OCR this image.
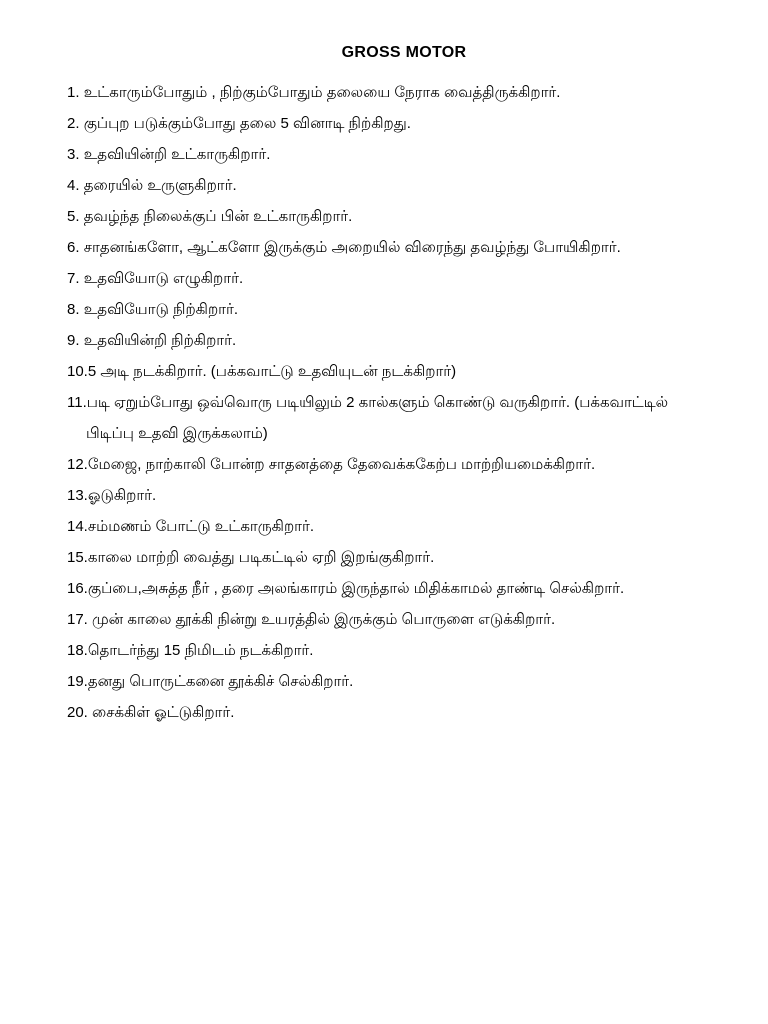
GROSS MOTOR
1. உட்காரும்போதும் , நிற்கும்போதும் தலையை நேராக வைத்திருக்கிறார்.
2. குப்புற படுக்கும்போது தலை 5 வினாடி நிற்கிறது.
3. உதவியின்றி உட்காருகிறார்.
4. தரையில் உருளுகிறார்.
5. தவழ்ந்த நிலைக்குப் பின் உட்காருகிறார்.
6. சாதனங்களோ, ஆட்களோ இருக்கும் அறையில் விரைந்து தவழ்ந்து போயிகிறார்.
7. உதவியோடு எழுகிறார்.
8. உதவியோடு நிற்கிறார்.
9. உதவியின்றி நிற்கிறார்.
10.5 அடி நடக்கிறார். (பக்கவாட்டு உதவியுடன் நடக்கிறார்)
11.படி ஏறும்போது ஒவ்வொரு படியிலும் 2 கால்களும் கொண்டு வருகிறார். (பக்கவாட்டில்
பிடிப்பு உதவி இருக்கலாம்)
12.மேஜை, நாற்காலி போன்ற சாதனத்தை தேவைக்ககேற்ப மாற்றியமைக்கிறார்.
13.ஓடுகிறார்.
14.சம்மணம் போட்டு உட்காருகிறார்.
15.காலை மாற்றி வைத்து படிகட்டில் ஏறி இறங்குகிறார்.
16.குப்பை,அசுத்த நீர் , தரை அலங்காரம் இருந்தால் மிதிக்காமல் தாண்டி செல்கிறார்.
17. முன் காலை தூக்கி நின்று உயரத்தில் இருக்கும் பொருளை எடுக்கிறார்.
18.தொடர்ந்து 15 நிமிடம் நடக்கிறார்.
19.தனது பொருட்கனை தூக்கிச் செல்கிறார்.
20. சைக்கிள் ஓட்டுகிறார்.
